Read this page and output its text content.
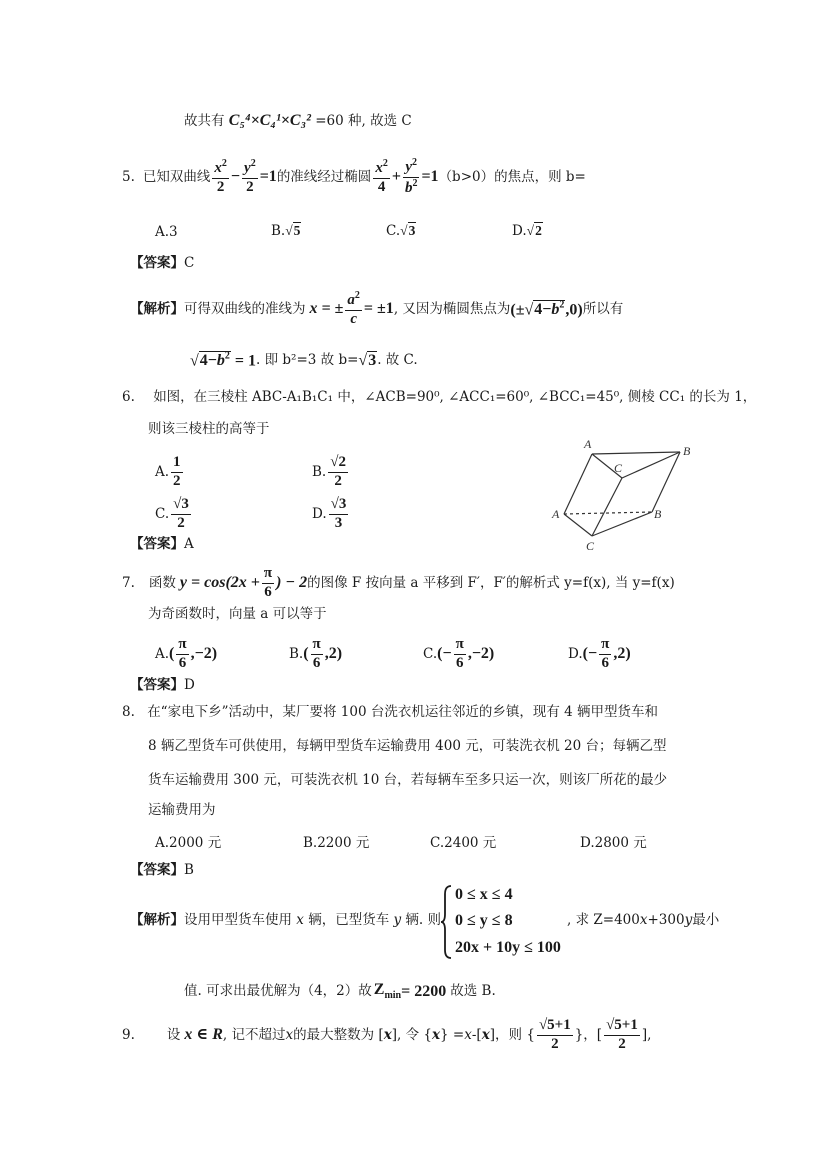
故共有 C₅⁴×C₄¹×C₃² =60 种, 故选 C
5. 已知双曲线 $\frac{x^2}{2} - \frac{y^2}{2} =1$ 的准线经过椭圆 $\frac{x^2}{4} + \frac{y^2}{b^2} =1$ （b>0）的焦点，则 b=
A.3	B.√5	C.√3	D.√2
【答案】C
【解析】 可得双曲线的准线为 x = ± $\frac{a^2}{c} = \pm 1$ , 又因为椭圆焦点为 $(\pm√4-b^2,0)$ 所以有
$√4-b^2 = 1$ . 即 b²=3 故 b= √3 . 故 C.
6. 如图，在三棱柱 ABC-A₁B₁C₁ 中，∠ACB=90⁰, ∠ACC₁=60⁰, ∠BCC₁=45⁰, 侧棱 CC₁ 的长为 1，
则该三棱柱的高等于
A. $\frac{1}{2}$	B. $\frac{√2}{2}$
C. $\frac{√3}{2}$	D. $\frac{√3}{3}$
【答案】A
A	B
C
A	B
C
7. 函数 $y = \cos(2x + \frac{\pi}{6}$ ) − 2 的图像 F 按向量 a 平移到 F′，F′的解析式 y=f(x), 当 y=f(x)
为奇函数时，向量 a 可以等于
A. ( $\frac{\pi}{6} ,-2$)	B. ( $\frac{\pi}{6} ,2$)	C. (− $\frac{\pi}{6} ,-2$)	D. (− $\frac{\pi}{6} ,2$)
【答案】D
8. 在“家电下乡”活动中，某厂要将 100 台洗衣机运往邻近的乡镇，现有 4 辆甲型货车和
8 辆乙型货车可供使用，每辆甲型货车运输费用 400 元，可装洗衣机 20 台；每辆乙型
货车运输费用 300 元，可装洗衣机 10 台，若每辆车至多只运一次，则该厂所花的最少
运输费用为
A.2000 元	B.2200 元	C.2400 元	D.2800 元
【答案】B
【解析】设用甲型货车使用 x 辆，已型货车 y 辆. 则
0 ≤ x ≤ 4
0 ≤ y ≤ 8
20x + 10y ≤ 100
, 求 Z=400x+300y最小
值. 可求出最优解为（4，2）故 $Z_{min} = 2200$ 故选 B.
9. 设 x ∈ R , 记不超过 x 的最大整数为 [ x ], 令 { x } = x -[ x ]，则 { $\frac{√5+1}{2}$ }，[ $\frac{√5+1}{2}$ ],
